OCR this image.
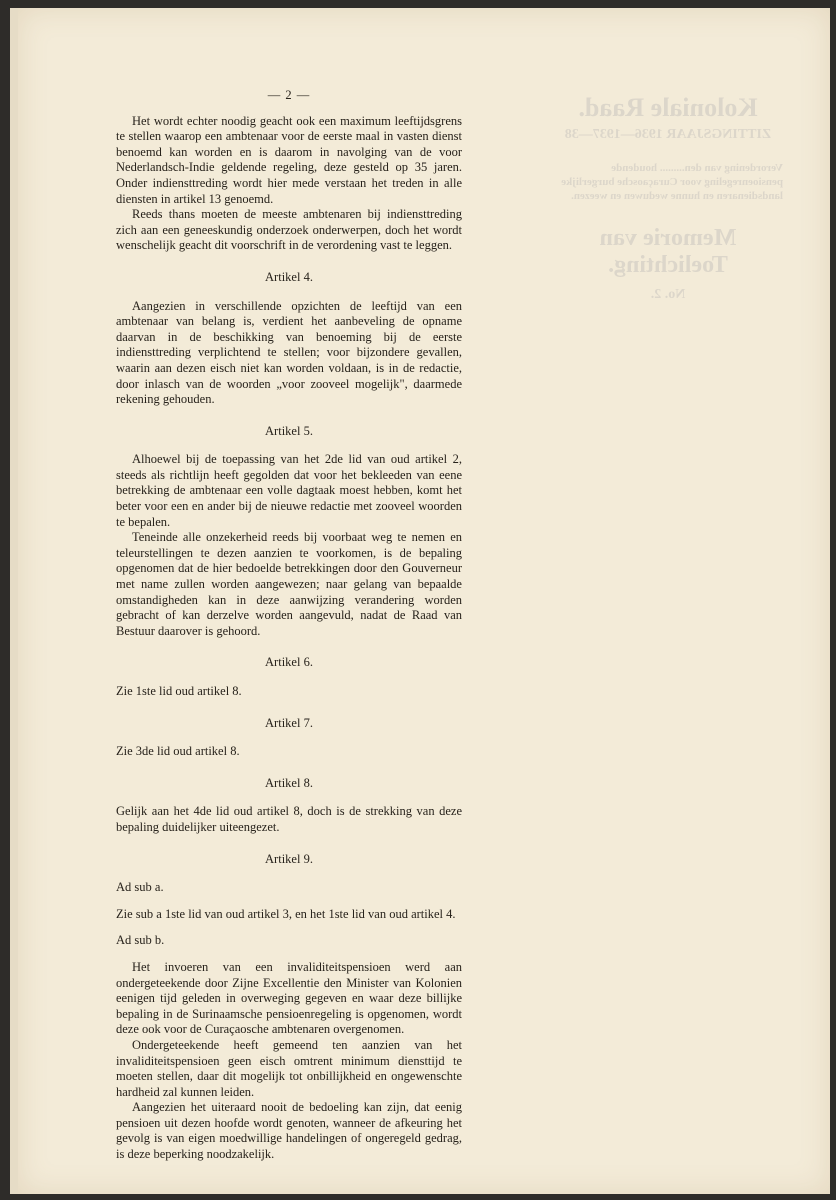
Koloniale Raad.
ZITTINGSJAAR 1936—1937—38
Verordening van den......... houdende pensioenregeling voor Curaçaosche burgerlijke landsdienaren en hunne weduwen en weezen.
Memorie van Toelichting.
No. 2.
— 2 —

Het wordt echter noodig geacht ook een maximum leeftijdsgrens te stellen waarop een ambtenaar voor de eerste maal in vasten dienst benoemd kan worden en is daarom in navolging van de voor Nederlandsch-Indie geldende regeling, deze gesteld op 35 jaren. Onder indiensttreding wordt hier mede verstaan het treden in alle diensten in artikel 13 genoemd.

Reeds thans moeten de meeste ambtenaren bij indiensttreding zich aan een geneeskundig onderzoek onderwerpen, doch het wordt wenschelijk geacht dit voorschrift in de verordening vast te leggen.

Artikel 4.

Aangezien in verschillende opzichten de leeftijd van een ambtenaar van belang is, verdient het aanbeveling de opname daarvan in de beschikking van benoeming bij de eerste indiensttreding verplichtend te stellen; voor bijzondere gevallen, waarin aan dezen eisch niet kan worden voldaan, is in de redactie, door inlasch van de woorden „voor zooveel mogelijk", daarmede rekening gehouden.

Artikel 5.

Alhoewel bij de toepassing van het 2de lid van oud artikel 2, steeds als richtlijn heeft gegolden dat voor het bekleeden van eene betrekking de ambtenaar een volle dagtaak moest hebben, komt het beter voor een en ander bij de nieuwe redactie met zooveel woorden te bepalen.

Teneinde alle onzekerheid reeds bij voorbaat weg te nemen en teleurstellingen te dezen aanzien te voorkomen, is de bepaling opgenomen dat de hier bedoelde betrekkingen door den Gouverneur met name zullen worden aangewezen; naar gelang van bepaalde omstandigheden kan in deze aanwijzing verandering worden gebracht of kan derzelve worden aangevuld, nadat de Raad van Bestuur daarover is gehoord.

Artikel 6.

Zie 1ste lid oud artikel 8.

Artikel 7.

Zie 3de lid oud artikel 8.

Artikel 8.

Gelijk aan het 4de lid oud artikel 8, doch is de strekking van deze bepaling duidelijker uiteengezet.

Artikel 9.

Ad sub a.

Zie sub a 1ste lid van oud artikel 3, en het 1ste lid van oud artikel 4.

Ad sub b.

Het invoeren van een invaliditeitspensioen werd aan ondergeteekende door Zijne Excellentie den Minister van Kolonien eenigen tijd geleden in overweging gegeven en waar deze billijke bepaling in de Surinaamsche pensioenregeling is opgenomen, wordt deze ook voor de Curaçaosche ambtenaren overgenomen.

Ondergeteekende heeft gemeend ten aanzien van het invaliditeitspensioen geen eisch omtrent minimum diensttijd te moeten stellen, daar dit mogelijk tot onbillijkheid en ongewenschte hardheid zal kunnen leiden.

Aangezien het uiteraard nooit de bedoeling kan zijn, dat eenig pensioen uit dezen hoofde wordt genoten, wanneer de afkeuring het gevolg is van eigen moedwillige handelingen of ongeregeld gedrag, is deze beperking noodzakelijk.
